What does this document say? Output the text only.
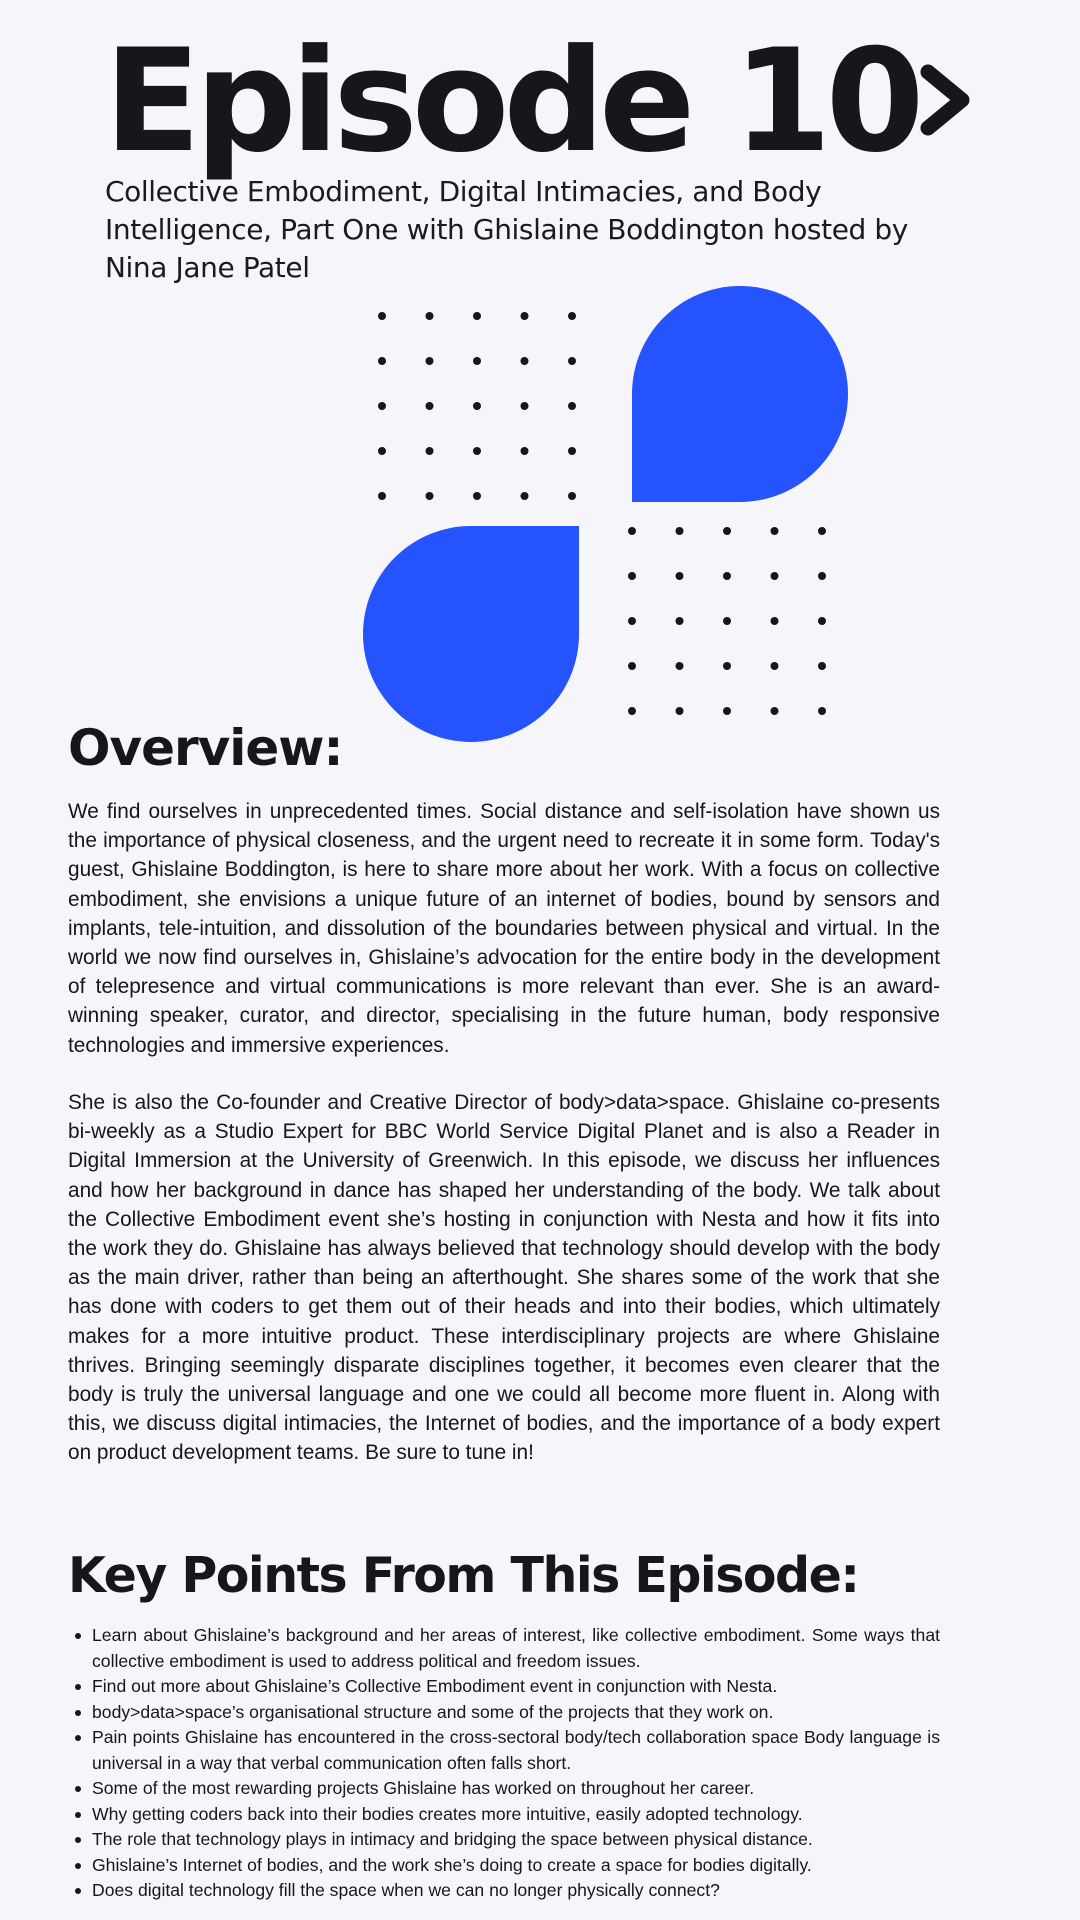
Episode 10

Collective Embodiment, Digital Intimacies, and Body Intelligence, Part One with Ghislaine Boddington hosted by Nina Jane Patel

Overview:

We find ourselves in unprecedented times. Social distance and self-isolation have shown us the importance of physical closeness, and the urgent need to recreate it in some form. Today's guest, Ghislaine Boddington, is here to share more about her work. With a focus on collective embodiment, she envisions a unique future of an internet of bodies, bound by sensors and implants, tele-intuition, and dissolution of the boundaries between physical and virtual. In the world we now find ourselves in, Ghislaine’s advocation for the entire body in the development of telepresence and virtual communications is more relevant than ever. She is an award-winning speaker, curator, and director, specialising in the future human, body responsive technologies and immersive experiences.

She is also the Co-founder and Creative Director of body>data>space. Ghislaine co-presents bi-weekly as a Studio Expert for BBC World Service Digital Planet and is also a Reader in Digital Immersion at the University of Greenwich. In this episode, we discuss her influences and how her background in dance has shaped her understanding of the body. We talk about the Collective Embodiment event she’s hosting in conjunction with Nesta and how it fits into the work they do. Ghislaine has always believed that technology should develop with the body as the main driver, rather than being an afterthought. She shares some of the work that she has done with coders to get them out of their heads and into their bodies, which ultimately makes for a more intuitive product. These interdisciplinary projects are where Ghislaine thrives. Bringing seemingly disparate disciplines together, it becomes even clearer that the body is truly the universal language and one we could all become more fluent in. Along with this, we discuss digital intimacies, the Internet of bodies, and the importance of a body expert on product development teams. Be sure to tune in!

Key Points From This Episode:
Learn about Ghislaine’s background and her areas of interest, like collective embodiment. Some ways that collective embodiment is used to address political and freedom issues.
Find out more about Ghislaine’s Collective Embodiment event in conjunction with Nesta.
body>data>space’s organisational structure and some of the projects that they work on.
Pain points Ghislaine has encountered in the cross-sectoral body/tech collaboration space Body language is universal in a way that verbal communication often falls short.
Some of the most rewarding projects Ghislaine has worked on throughout her career.
Why getting coders back into their bodies creates more intuitive, easily adopted technology.
The role that technology plays in intimacy and bridging the space between physical distance.
Ghislaine’s Internet of bodies, and the work she’s doing to create a space for bodies digitally.
Does digital technology fill the space when we can no longer physically connect?
